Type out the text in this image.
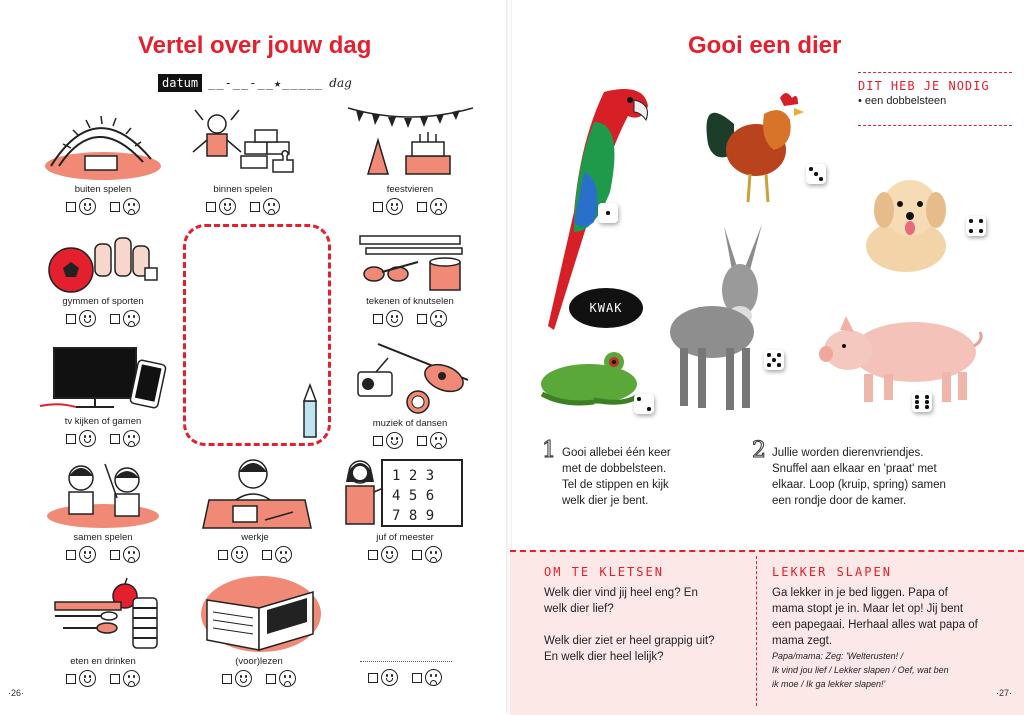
Vertel over jouw dag
datum __-__-__★_____ dag
buiten spelen	binnen spelen	feestvieren
gymmen of sporten	tekenen of knutselen
tv kijken of gamen	muziek of dansen
samen spelen	werkje
1 2 3
4 5 6
7 8 9
juf of meester
eten en drinken	(voor)lezen
·26·
Gooi een dier
DIT HEB JE NODIG

• een dobbelsteen

KWAK
1 Gooi allebei één keer
met de dobbelsteen.
Tel de stippen en kijk
welk dier je bent.
2 Jullie worden dierenvriendjes.
Snuffel aan elkaar en 'praat' met
elkaar. Loop (kruip, spring) samen
een rondje door de kamer.
OM TE KLETSEN
Welk dier vind jij heel eng? En
welk dier lief?
Welk dier ziet er heel grappig uit?
En welk dier heel lelijk?
LEKKER SLAPEN
Ga lekker in je bed liggen. Papa of
mama stopt je in. Maar let op! Jij bent
een papegaai. Herhaal alles wat papa of
mama zegt.
Papa/mama: Zeg: 'Welterusten! /
Ik vind jou lief / Lekker slapen / Oef, wat ben
ik moe / Ik ga lekker slapen!'
·27·
